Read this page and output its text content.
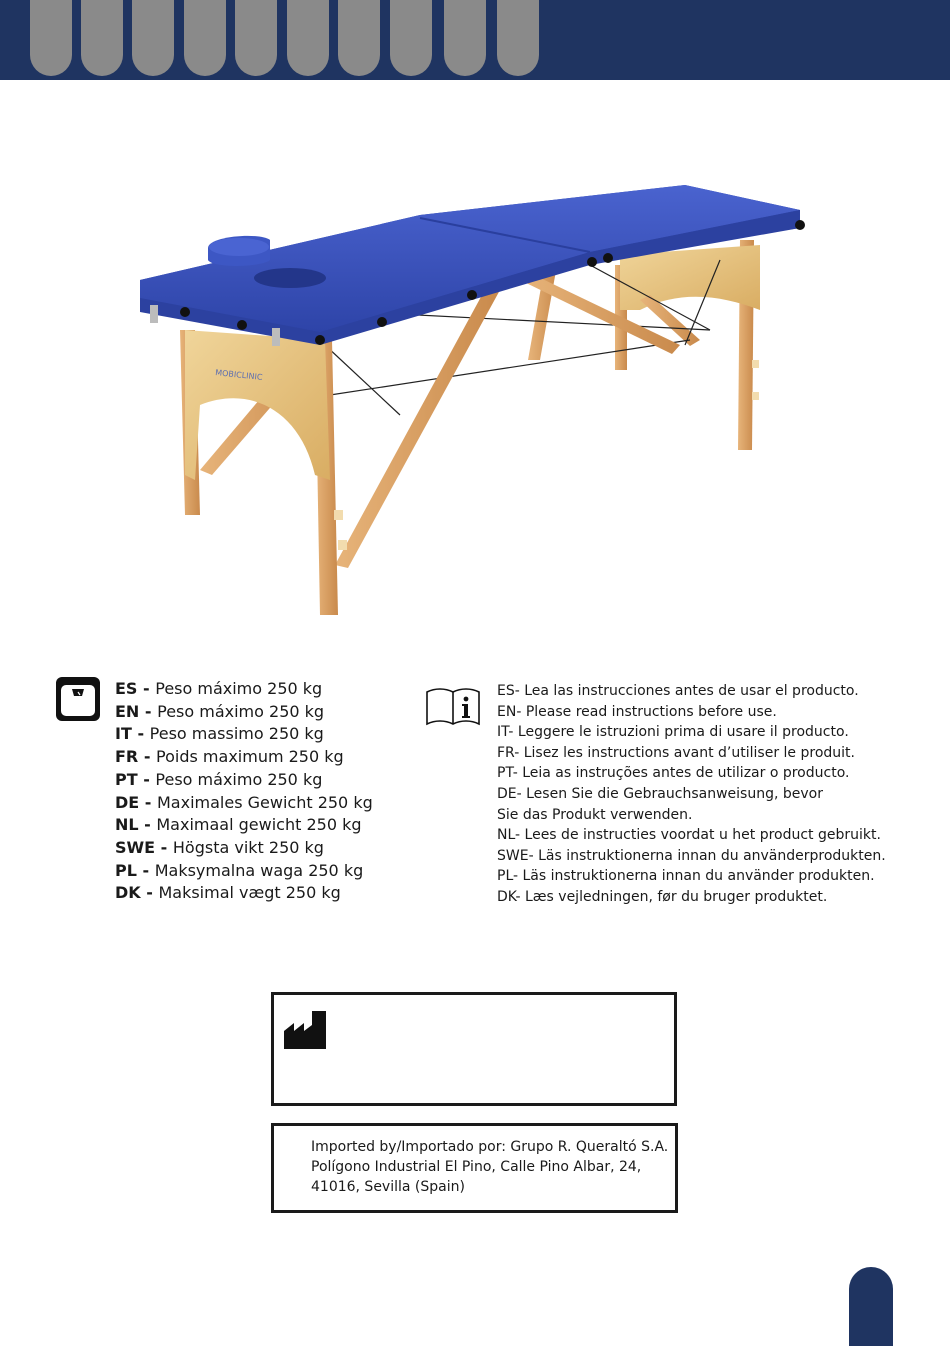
MOBICLINIC
ES - Peso máximo 250 kg
EN - Peso máximo 250 kg
IT - Peso massimo 250 kg
FR - Poids maximum 250 kg
PT - Peso máximo 250 kg
DE - Maximales Gewicht 250 kg
NL - Maximaal gewicht 250 kg
SWE - Högsta vikt 250 kg
PL - Maksymalna waga 250 kg
DK - Maksimal vægt 250 kg
ES- Lea las instrucciones antes de usar el producto.
EN- Please read instructions before use.
IT- Leggere le istruzioni prima di usare il producto.
FR- Lisez les instructions avant d’utiliser le produit.
PT- Leia as instruções antes de utilizar o producto.
DE- Lesen Sie die Gebrauchsanweisung, bevor
Sie das Produkt verwenden.
NL- Lees de instructies voordat u het product gebruikt.
SWE- Läs instruktionerna innan du använderprodukten.
PL- Läs instruktionerna innan du använder produkten.
DK- Læs vejledningen, før du bruger produktet.
Imported by/Importado por: Grupo R. Queraltó S.A.
Polígono Industrial El Pino, Calle Pino Albar, 24,
41016, Sevilla (Spain)
